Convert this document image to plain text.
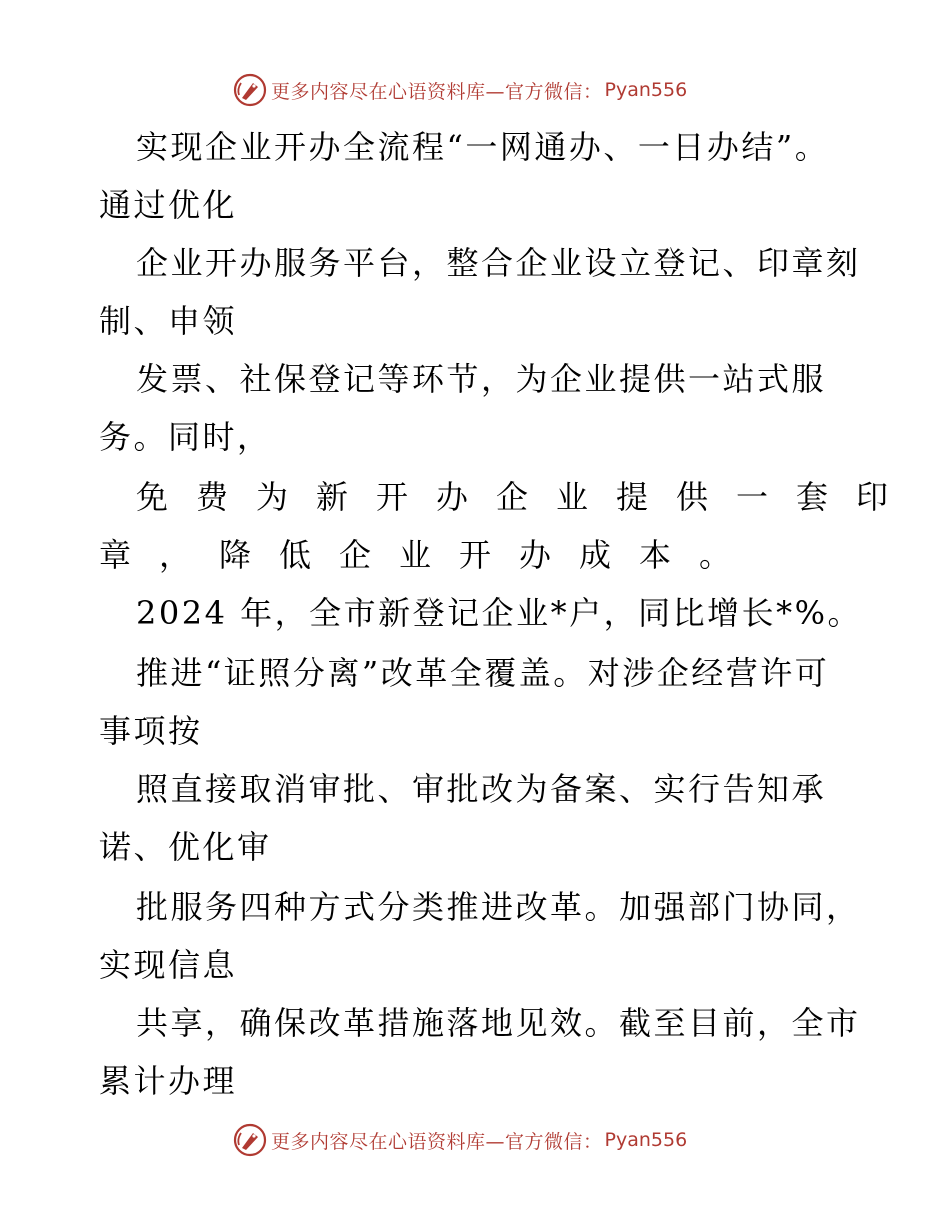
更多内容尽在心语资料库—官方微信： Pyan556
实现企业开办全流程“一网通办、一日办结”。
通过优化
企业开办服务平台，整合企业设立登记、印章刻
制、申领
发票、社保登记等环节，为企业提供一站式服
务。同时，
免费为新开办企业提供一套印
章，降低企业开办成本。
2024 年，全市新登记企业*户，同比增长*%。
推进“证照分离”改革全覆盖。对涉企经营许可
事项按
照直接取消审批、审批改为备案、实行告知承
诺、优化审
批服务四种方式分类推进改革。加强部门协同，
实现信息
共享，确保改革措施落地见效。截至目前，全市
累计办理
更多内容尽在心语资料库—官方微信： Pyan556
